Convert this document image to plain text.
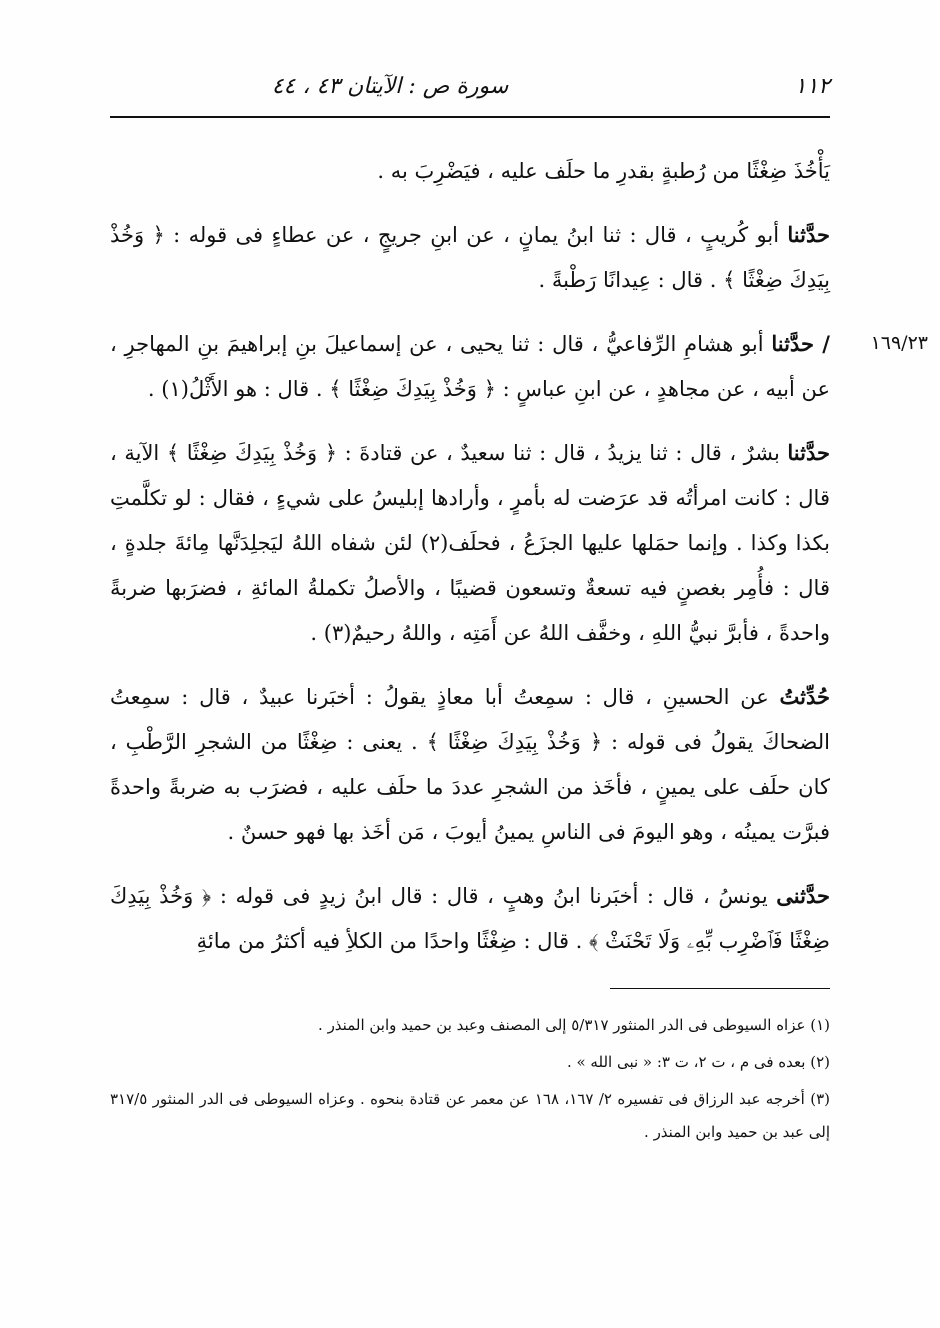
١١٢
سورة ص : الآيتان ٤٣ ، ٤٤

يَأْخُذَ ضِغْثًا من رُطبةٍ بقدرِ ما حلَف عليه ، فيَضْرِبَ به .

حدَّثنا أبو كُريبٍ ، قال : ثنا ابنُ يمانٍ ، عن ابنِ جريجٍ ، عن عطاءٍ فى قوله : ﴿ وَخُذْ بِيَدِكَ ضِغْثًا ﴾ . قال : عِيدانًا رَطْبةً .

١٦٩/٢٣
/ حدَّثنا أبو هشامِ الرِّفاعيُّ ، قال : ثنا يحيى ، عن إسماعيلَ بنِ إبراهيمَ بنِ المهاجرِ ، عن أبيه ، عن مجاهدٍ ، عن ابنِ عباسٍ : ﴿ وَخُذْ بِيَدِكَ ضِغْثًا ﴾ . قال : هو الأَثْلُ(١) .

حدَّثنا بشرٌ ، قال : ثنا يزيدُ ، قال : ثنا سعيدٌ ، عن قتادةَ : ﴿ وَخُذْ بِيَدِكَ ضِغْثًا ﴾ الآية ، قال : كانت امرأتُه قد عرَضت له بأمرٍ ، وأرادها إبليسُ على شيءٍ ، فقال : لو تكلَّمتِ بكذا وكذا . وإنما حمَلها عليها الجزَعُ ، فحلَف(٢) لئن شفاه اللهُ ليَجلِدَنَّها مِائةَ جلدةٍ ، قال : فأُمِر بغصنٍ فيه تسعةٌ وتسعون قضيبًا ، والأصلُ تكملةُ المائةِ ، فضرَبها ضربةً واحدةً ، فأبرَّ نبيُّ اللهِ ، وخفَّف اللهُ عن أَمَتِه ، واللهُ رحيمٌ(٣) .

حُدِّثتُ عن الحسينِ ، قال : سمِعتُ أبا معاذٍ يقولُ : أخبَرنا عبيدٌ ، قال : سمِعتُ الضحاكَ يقولُ فى قوله : ﴿ وَخُذْ بِيَدِكَ ضِغْثًا ﴾ . يعنى : ضِغْثًا من الشجرِ الرَّطْبِ ، كان حلَف على يمينٍ ، فأخَذ من الشجرِ عددَ ما حلَف عليه ، فضرَب به ضربةً واحدةً فبرَّت يمينُه ، وهو اليومَ فى الناسِ يمينُ أيوبَ ، مَن أخَذ بها فهو حسنٌ .

حدَّثنى يونسُ ، قال : أخبَرنا ابنُ وهبٍ ، قال : قال ابنُ زيدٍ فى قوله : ﴿ وَخُذْ بِيَدِكَ ضِغْثًا فَٱضْرِب بِّهِۦ وَلَا تَحْنَثْ ﴾ . قال : ضِغْثًا واحدًا من الكلأِ فيه أكثرُ من مائةِ

(١) عزاه السيوطى فى الدر المنثور ٥/٣١٧ إلى المصنف وعبد بن حميد وابن المنذر .

(٢) بعده فى م ، ت ٢، ت ٣: « نبى الله » .

(٣) أخرجه عبد الرزاق فى تفسيره ٢/ ١٦٧، ١٦٨ عن معمر عن قتادة بنحوه . وعزاه السيوطى فى الدر المنثور ٣١٧/٥ إلى عبد بن حميد وابن المنذر .
